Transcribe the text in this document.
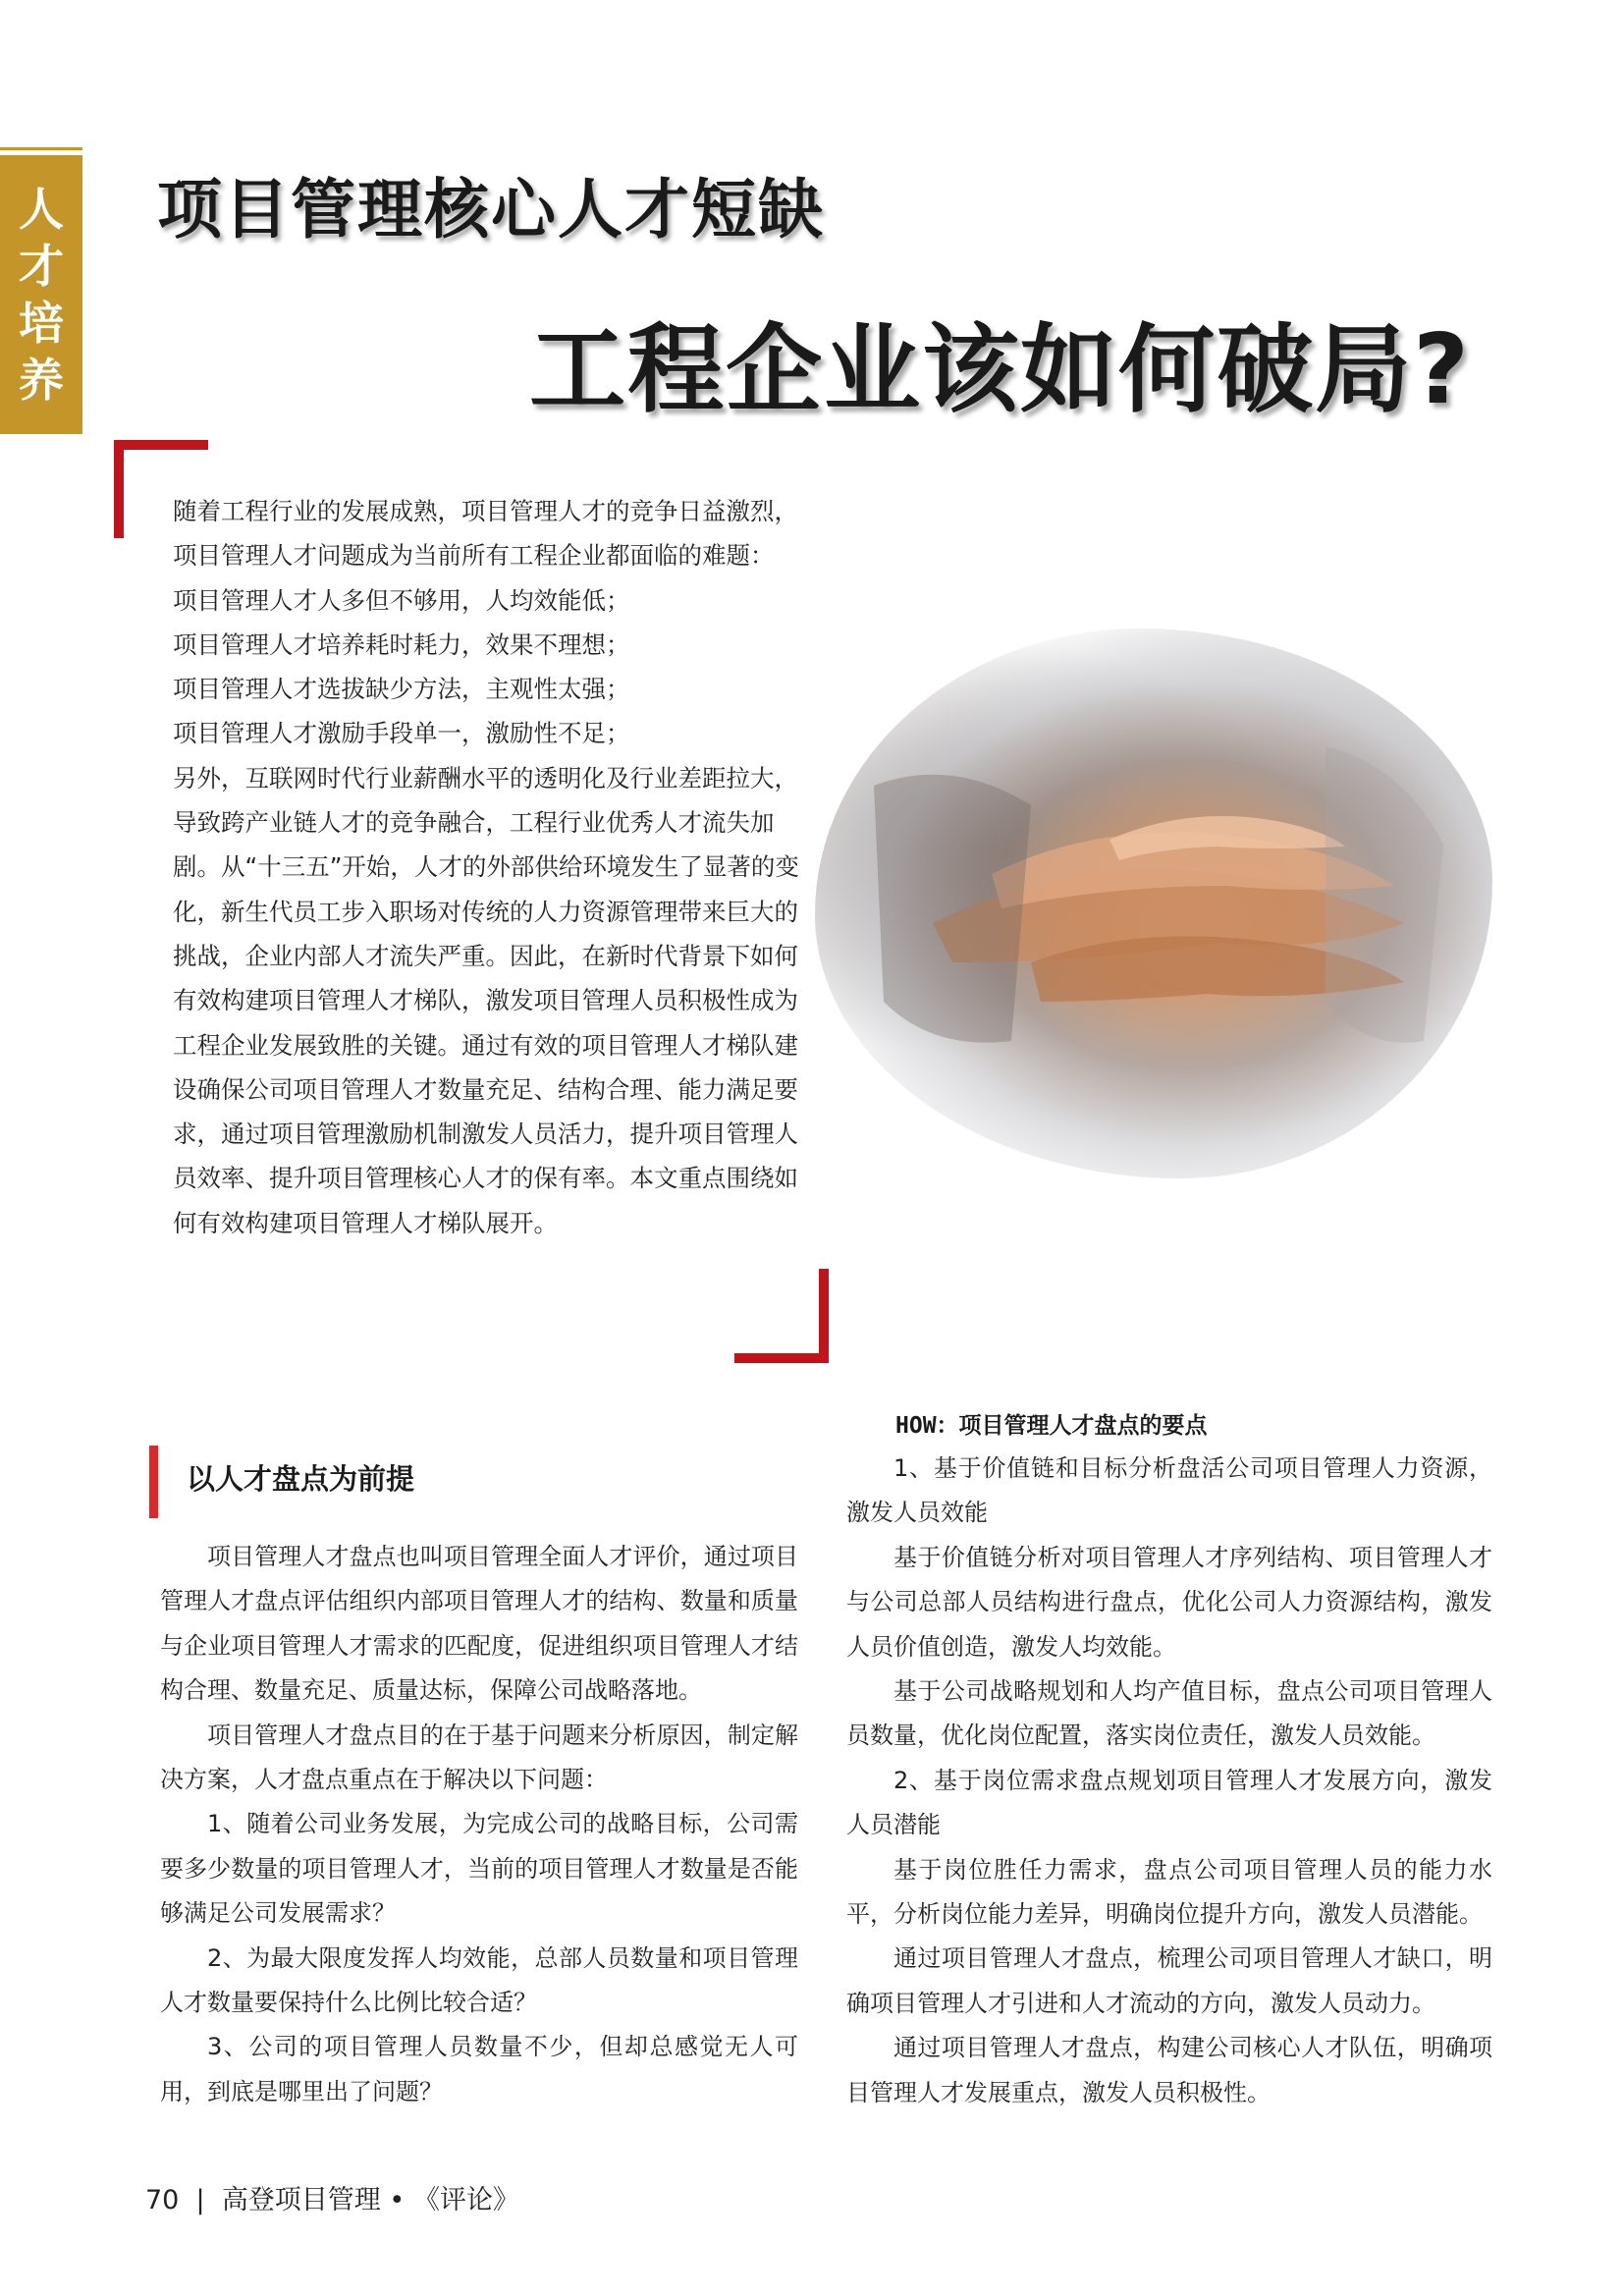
人
才
培
养
项目管理核心人才短缺
工程企业该如何破局?

随着工程行业的发展成熟，项目管理人才的竞争日益激烈，项目管理人才问题成为当前所有工程企业都面临的难题：

项目管理人才人多但不够用，人均效能低；

项目管理人才培养耗时耗力，效果不理想；

项目管理人才选拔缺少方法，主观性太强；

项目管理人才激励手段单一，激励性不足；

另外，互联网时代行业薪酬水平的透明化及行业差距拉大，导致跨产业链人才的竞争融合，工程行业优秀人才流失加剧。从“十三五”开始，人才的外部供给环境发生了显著的变化，新生代员工步入职场对传统的人力资源管理带来巨大的挑战，企业内部人才流失严重。因此，在新时代背景下如何有效构建项目管理人才梯队，激发项目管理人员积极性成为工程企业发展致胜的关键。通过有效的项目管理人才梯队建设确保公司项目管理人才数量充足、结构合理、能力满足要求，通过项目管理激励机制激发人员活力，提升项目管理人员效率、提升项目管理核心人才的保有率。本文重点围绕如何有效构建项目管理人才梯队展开。

以人才盘点为前提

项目管理人才盘点也叫项目管理全面人才评价，通过项目管理人才盘点评估组织内部项目管理人才的结构、数量和质量与企业项目管理人才需求的匹配度，促进组织项目管理人才结构合理、数量充足、质量达标，保障公司战略落地。

项目管理人才盘点目的在于基于问题来分析原因，制定解决方案，人才盘点重点在于解决以下问题：

1、随着公司业务发展，为完成公司的战略目标，公司需要多少数量的项目管理人才，当前的项目管理人才数量是否能够满足公司发展需求？

2、为最大限度发挥人均效能，总部人员数量和项目管理人才数量要保持什么比例比较合适？

3、公司的项目管理人员数量不少，但却总感觉无人可用，到底是哪里出了问题？

HOW：项目管理人才盘点的要点

1、基于价值链和目标分析盘活公司项目管理人力资源，激发人员效能

基于价值链分析对项目管理人才序列结构、项目管理人才与公司总部人员结构进行盘点，优化公司人力资源结构，激发人员价值创造，激发人均效能。

基于公司战略规划和人均产值目标，盘点公司项目管理人员数量，优化岗位配置，落实岗位责任，激发人员效能。

2、基于岗位需求盘点规划项目管理人才发展方向，激发人员潜能

基于岗位胜任力需求，盘点公司项目管理人员的能力水平，分析岗位能力差异，明确岗位提升方向，激发人员潜能。

通过项目管理人才盘点，梳理公司项目管理人才缺口，明确项目管理人才引进和人才流动的方向，激发人员动力。

通过项目管理人才盘点，构建公司核心人才队伍，明确项目管理人才发展重点，激发人员积极性。

70 | 高登项目管理 • 《评论》
